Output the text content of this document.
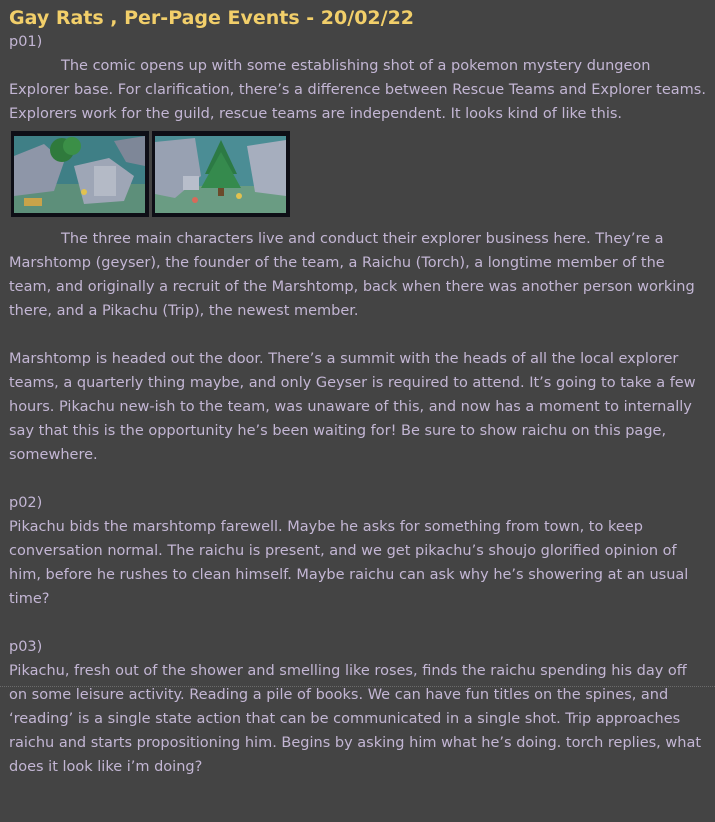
Gay Rats , Per-Page Events - 20/02/22

p01)

The comic opens up with some establishing shot of a pokemon mystery dungeon Explorer base. For clarification, there’s a difference between Rescue Teams and Explorer teams. Explorers work for the guild, rescue teams are independent. It looks kind of like this.

The three main characters live and conduct their explorer business here. They’re a Marshtomp (geyser), the founder of the team, a Raichu (Torch), a longtime member of the team, and originally a recruit of the Marshtomp, back when there was another person working there, and a Pikachu (Trip), the newest member.

Marshtomp is headed out the door. There’s a summit with the heads of all the local explorer teams, a quarterly thing maybe, and only Geyser is required to attend. It’s going to take a few hours. Pikachu new-ish to the team, was unaware of this, and now has a moment to internally say that this is the opportunity he’s been waiting for! Be sure to show raichu on this page, somewhere.

p02)

Pikachu bids the marshtomp farewell. Maybe he asks for something from town, to keep conversation normal. The raichu is present, and we get pikachu’s shoujo glorified opinion of him, before he rushes to clean himself. Maybe raichu can ask why he’s showering at an usual time?

p03)

Pikachu, fresh out of the shower and smelling like roses, finds the raichu spending his day off on some leisure activity. Reading a pile of books. We can have fun titles on the spines, and ‘reading’ is a single state action that can be communicated in a single shot. Trip approaches raichu and starts propositioning him. Begins by asking him what he’s doing. torch replies, what does it look like i’m doing?
